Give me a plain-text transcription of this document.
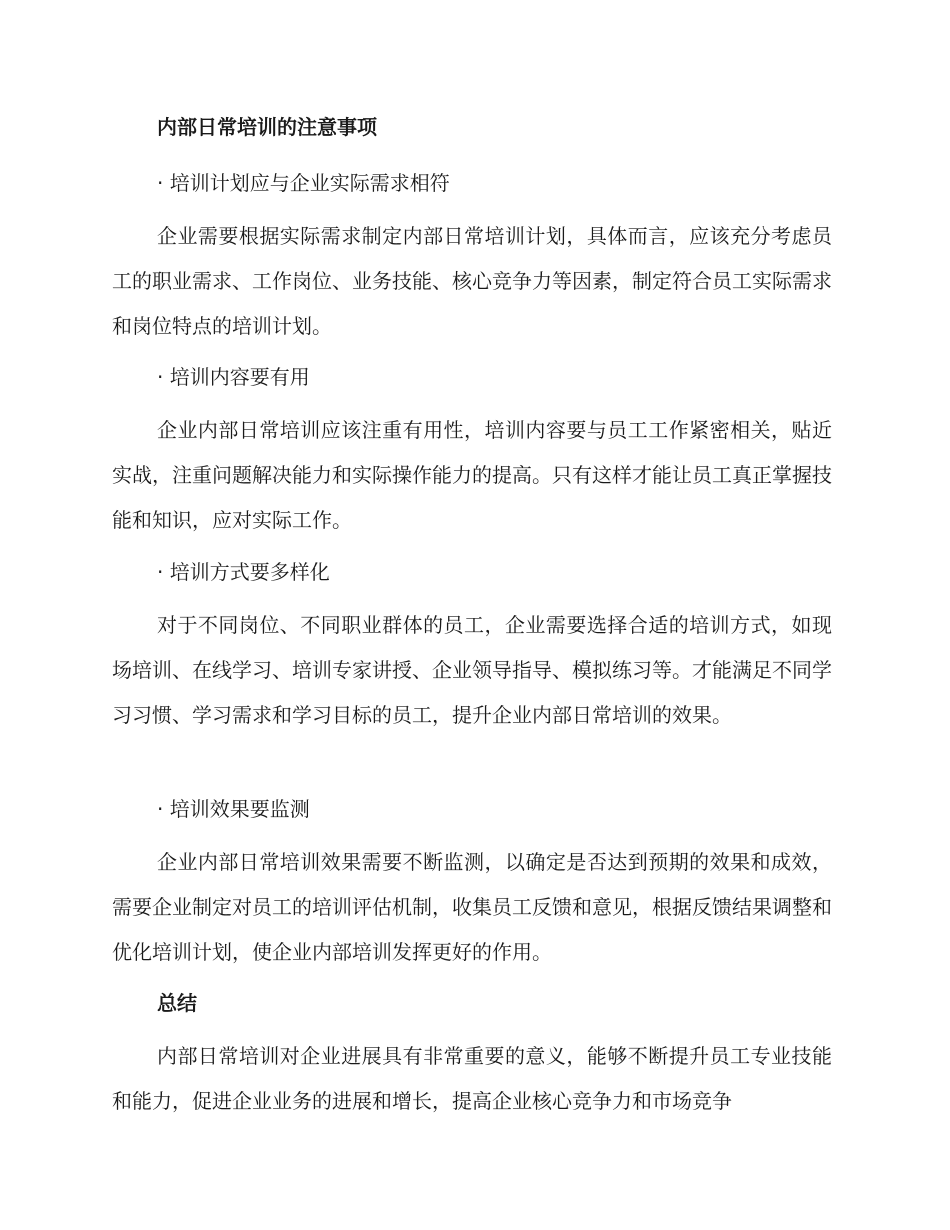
内部日常培训的注意事项
· 培训计划应与企业实际需求相符
企业需要根据实际需求制定内部日常培训计划，具体而言，应该充分考虑员工的职业需求、工作岗位、业务技能、核心竞争力等因素，制定符合员工实际需求和岗位特点的培训计划。
· 培训内容要有用
企业内部日常培训应该注重有用性，培训内容要与员工工作紧密相关，贴近实战，注重问题解决能力和实际操作能力的提高。只有这样才能让员工真正掌握技能和知识，应对实际工作。
· 培训方式要多样化
对于不同岗位、不同职业群体的员工，企业需要选择合适的培训方式，如现场培训、在线学习、培训专家讲授、企业领导指导、模拟练习等。才能满足不同学习习惯、学习需求和学习目标的员工，提升企业内部日常培训的效果。
· 培训效果要监测
企业内部日常培训效果需要不断监测，以确定是否达到预期的效果和成效，需要企业制定对员工的培训评估机制，收集员工反馈和意见，根据反馈结果调整和优化培训计划，使企业内部培训发挥更好的作用。
总结
内部日常培训对企业进展具有非常重要的意义，能够不断提升员工专业技能和能力，促进企业业务的进展和增长，提高企业核心竞争力和市场竞争
